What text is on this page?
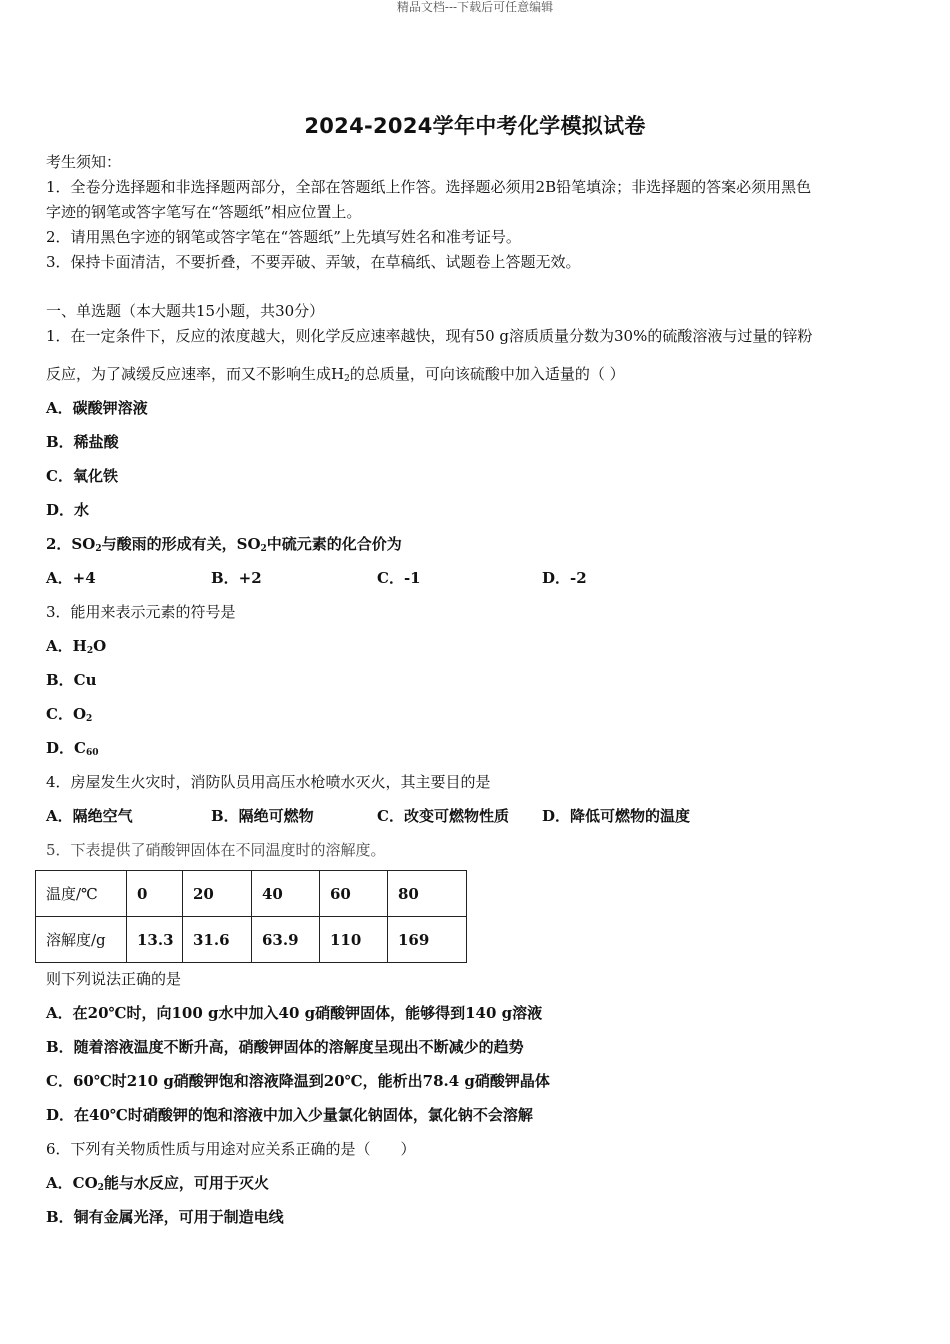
精品文档---下载后可任意编辑
2024-2024学年中考化学模拟试卷
考生须知：
1．全卷分选择题和非选择题两部分，全部在答题纸上作答。选择题必须用2B铅笔填涂；非选择题的答案必须用黑色
字迹的钢笔或答字笔写在“答题纸”相应位置上。
2．请用黑色字迹的钢笔或答字笔在“答题纸”上先填写姓名和准考证号。
3．保持卡面清洁，不要折叠，不要弄破、弄皱，在草稿纸、试题卷上答题无效。
一、单选题（本大题共15小题，共30分）
1．在一定条件下，反应的浓度越大，则化学反应速率越快，现有50 g溶质质量分数为30%的硫酸溶液与过量的锌粉
反应，为了减缓反应速率，而又不影响生成$H_2$的总质量，可向该硫酸中加入适量的（ ）
A．碳酸钾溶液
B．稀盐酸
C．氧化铁
D．水
2．$SO_2$与酸雨的形成有关，$SO_2$中硫元素的化合价为
A．+4	B．+2	C．-1	D．-2
3．能用来表示元素的符号是
A．$H_2O$
B．Cu
C．$O_2$
D．$C_{60}$
4．房屋发生火灾时，消防队员用高压水枪喷水灭火，其主要目的是
A．隔绝空气	B．隔绝可燃物	C．改变可燃物性质 D．降低可燃物的温度
5．下表提供了硝酸钾固体在不同温度时的溶解度。
温度/℃	0	20	40	60	80
溶解度/g	13.3	31.6	63.9	110	169
则下列说法正确的是
A．在20℃时，向100 g水中加入40 g硝酸钾固体，能够得到140 g溶液
B．随着溶液温度不断升高，硝酸钾固体的溶解度呈现出不断减少的趋势
C．60℃时210 g硝酸钾饱和溶液降温到20℃，能析出78.4 g硝酸钾晶体
D．在40℃时硝酸钾的饱和溶液中加入少量氯化钠固体，氯化钠不会溶解
6．下列有关物质性质与用途对应关系正确的是（　　）
A．$CO_2$能与水反应，可用于灭火
B．铜有金属光泽，可用于制造电线
